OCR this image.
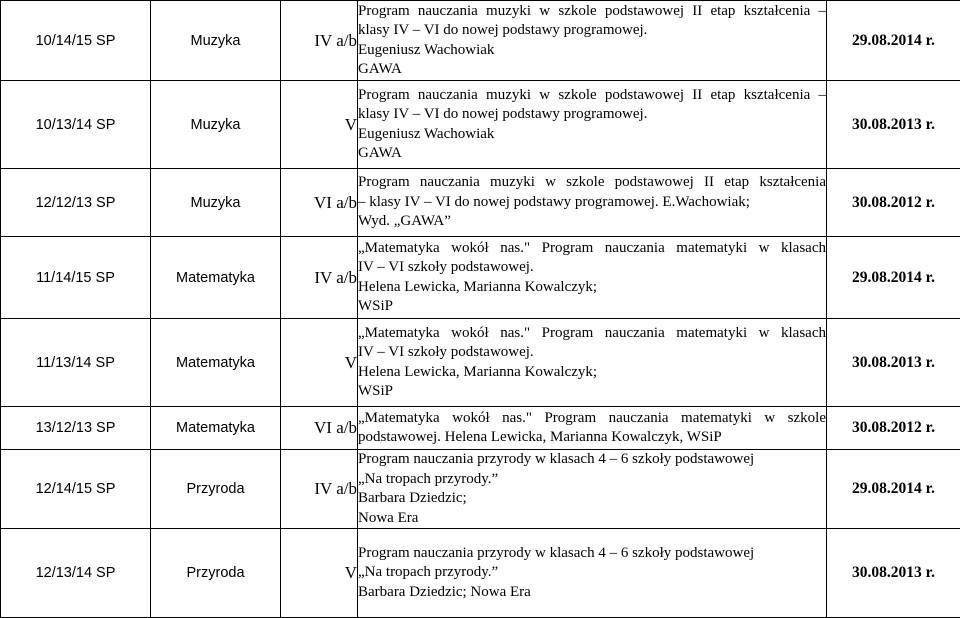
10/14/15 SP	Muzyka	IV a/b	Program nauczania muzyki w szkole podstawowej II etap kształcenia –
klasy IV – VI do nowej podstawy programowej.
Eugeniusz Wachowiak
GAWA	29.08.2014 r.
10/13/14 SP	Muzyka	V	Program nauczania muzyki w szkole podstawowej II etap kształcenia –
klasy IV – VI do nowej podstawy programowej.
Eugeniusz Wachowiak
GAWA	30.08.2013 r.
12/12/13 SP	Muzyka	VI a/b	Program nauczania muzyki w szkole podstawowej II etap kształcenia
– klasy IV – VI do nowej podstawy programowej. E.Wachowiak;
Wyd. „GAWA”	30.08.2012 r.
11/14/15 SP	Matematyka	IV a/b	„Matematyka wokół nas." Program nauczania matematyki w klasach
IV – VI szkoły podstawowej.
Helena Lewicka, Marianna Kowalczyk;
WSiP	29.08.2014 r.
11/13/14 SP	Matematyka	V	„Matematyka wokół nas." Program nauczania matematyki w klasach
IV – VI szkoły podstawowej.
Helena Lewicka, Marianna Kowalczyk;
WSiP	30.08.2013 r.
13/12/13 SP	Matematyka	VI a/b	„Matematyka wokół nas." Program nauczania matematyki w szkole
podstawowej. Helena Lewicka, Marianna Kowalczyk, WSiP	30.08.2012 r.
12/14/15 SP	Przyroda	IV a/b	Program nauczania przyrody w klasach 4 – 6 szkoły podstawowej
„Na tropach przyrody.”
Barbara Dziedzic;
Nowa Era	29.08.2014 r.
12/13/14 SP	Przyroda	V	Program nauczania przyrody w klasach 4 – 6 szkoły podstawowej
„Na tropach przyrody.”
Barbara Dziedzic; Nowa Era	30.08.2013 r.
